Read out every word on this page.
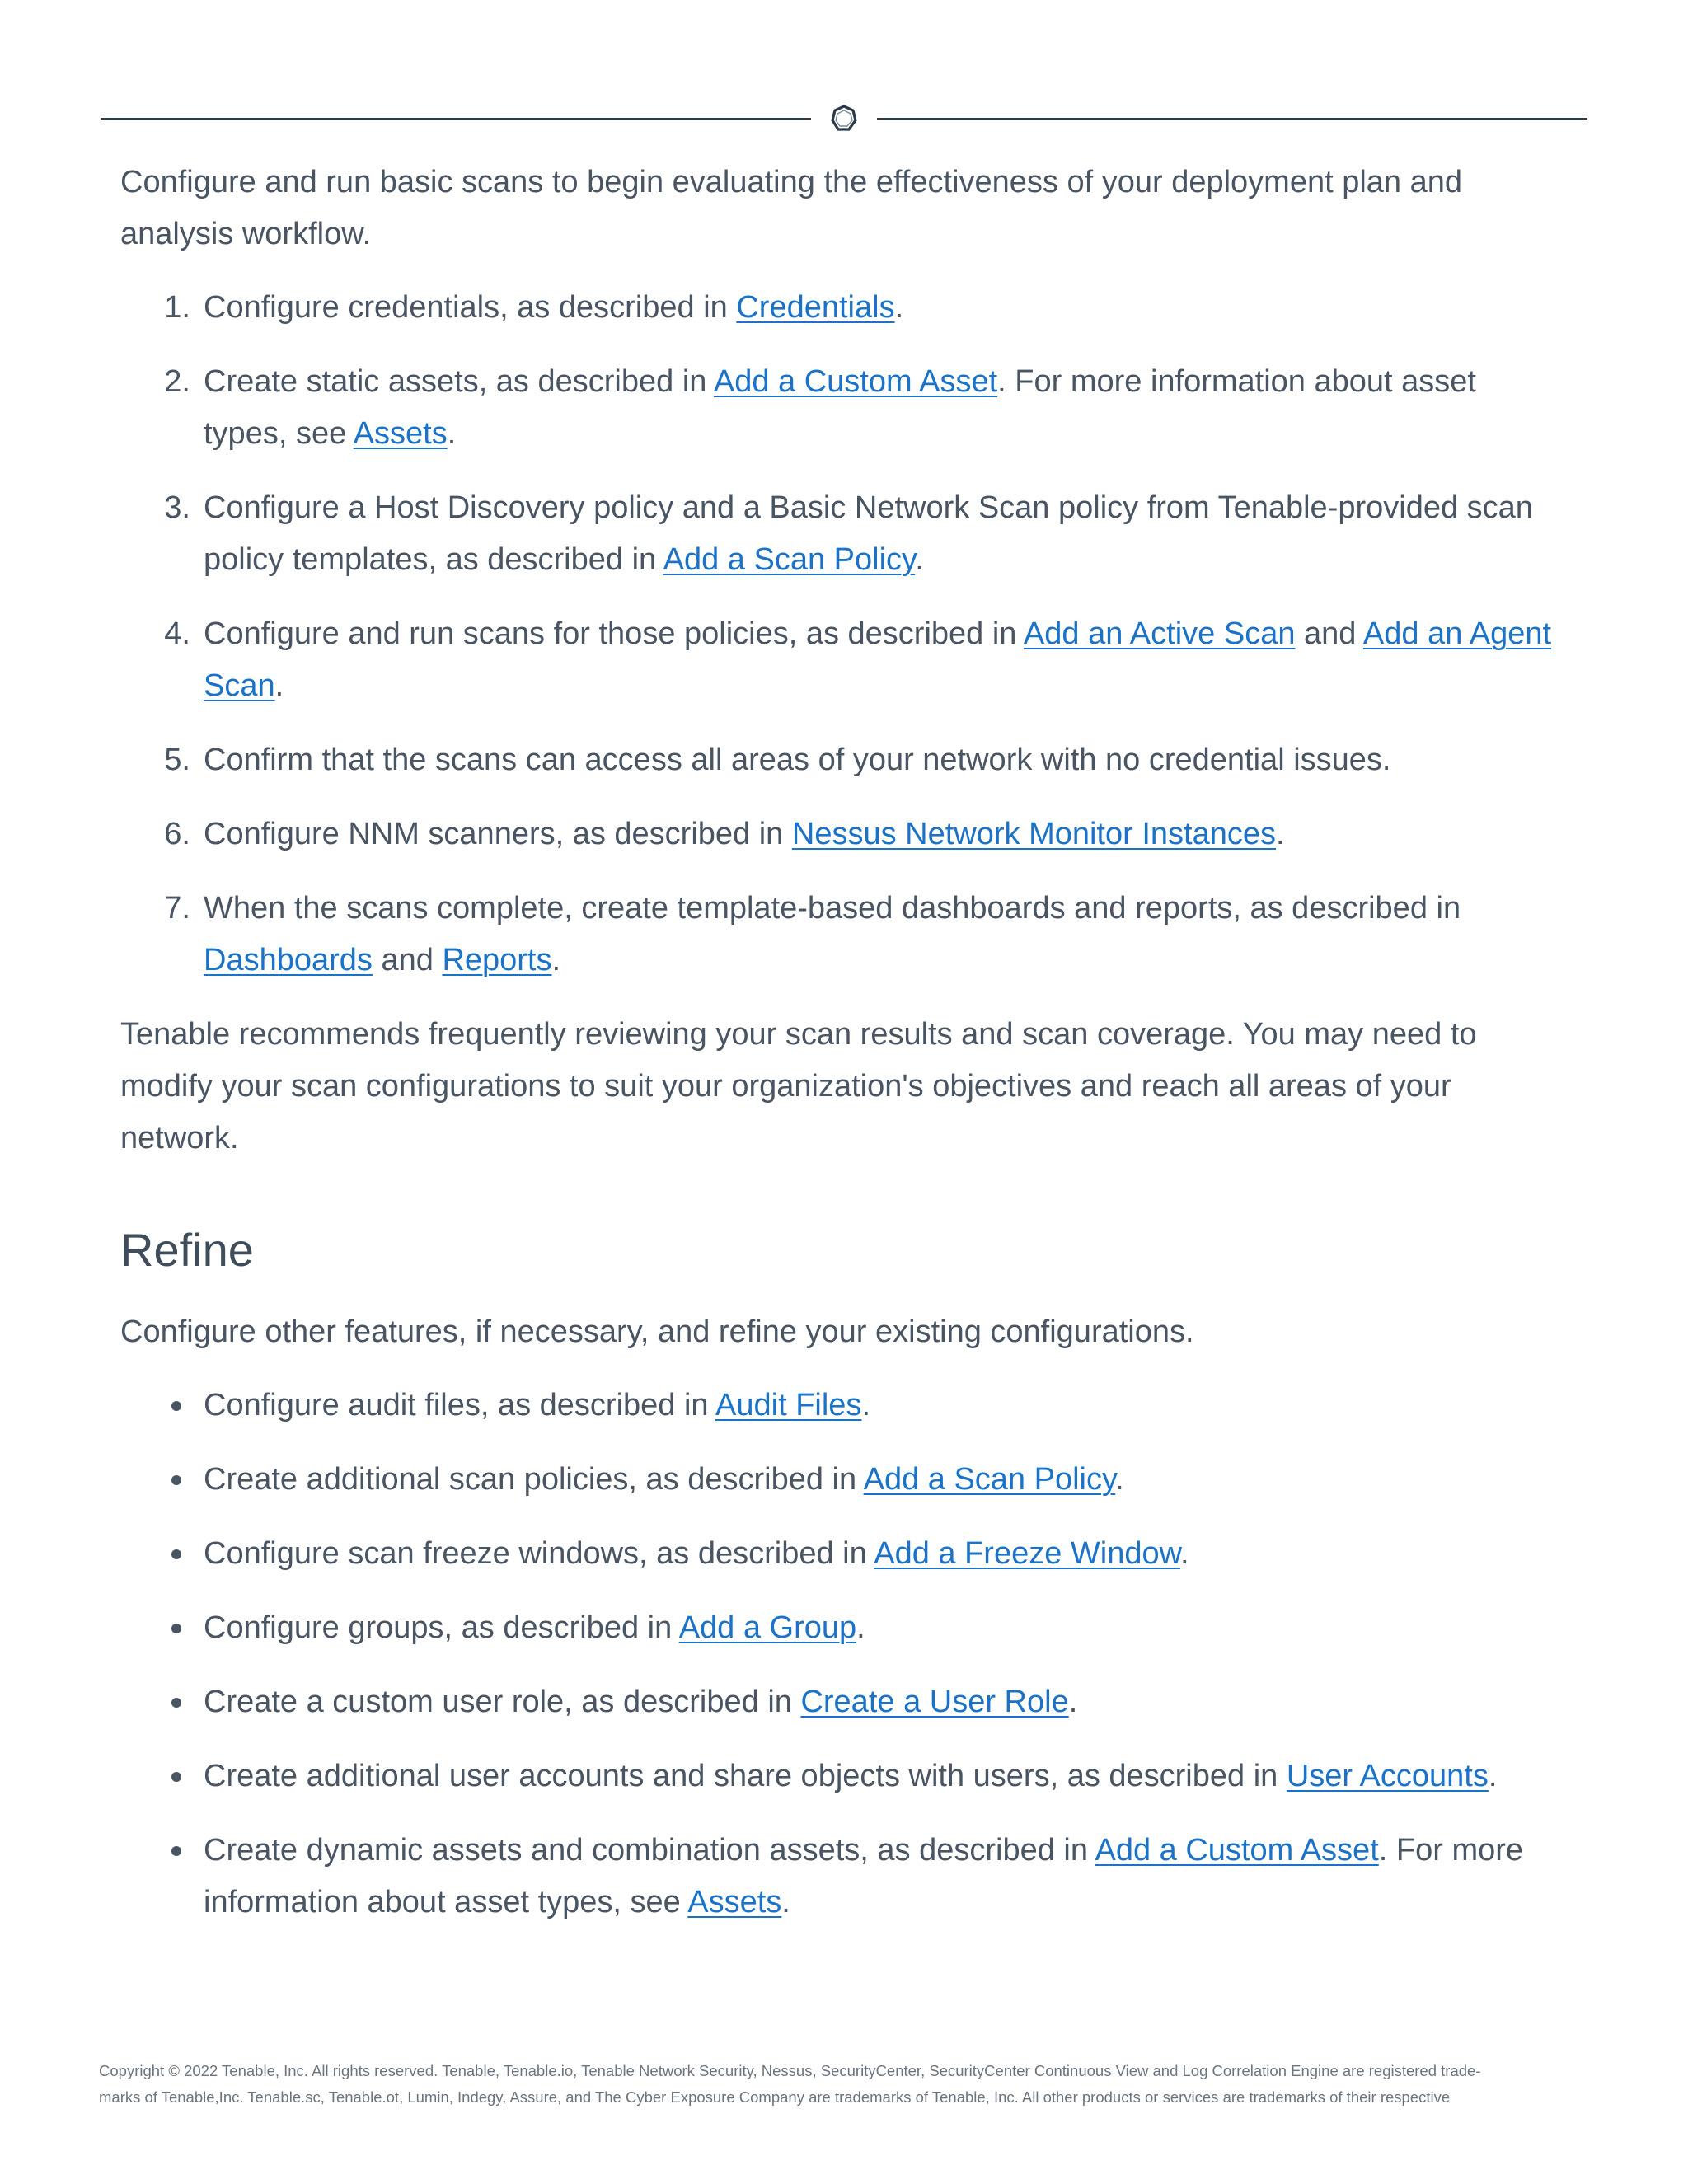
Configure and run basic scans to begin evaluating the effectiveness of your deployment plan and analysis workflow.

1. Configure credentials, as described in Credentials.
2. Create static assets, as described in Add a Custom Asset. For more information about asset types, see Assets.
3. Configure a Host Discovery policy and a Basic Network Scan policy from Tenable-provided scan policy templates, as described in Add a Scan Policy.
4. Configure and run scans for those policies, as described in Add an Active Scan and Add an Agent Scan.
5. Confirm that the scans can access all areas of your network with no credential issues.
6. Configure NNM scanners, as described in Nessus Network Monitor Instances.
7. When the scans complete, create template-based dashboards and reports, as described in Dashboards and Reports.

Tenable recommends frequently reviewing your scan results and scan coverage. You may need to modify your scan configurations to suit your organization's objectives and reach all areas of your network.

Refine

Configure other features, if necessary, and refine your existing configurations.

Configure audit files, as described in Audit Files.
Create additional scan policies, as described in Add a Scan Policy.
Configure scan freeze windows, as described in Add a Freeze Window.
Configure groups, as described in Add a Group.
Create a custom user role, as described in Create a User Role.
Create additional user accounts and share objects with users, as described in User Accounts.
Create dynamic assets and combination assets, as described in Add a Custom Asset. For more information about asset types, see Assets.
Copyright © 2022 Tenable, Inc. All rights reserved. Tenable, Tenable.io, Tenable Network Security, Nessus, SecurityCenter, SecurityCenter Continuous View and Log Correlation Engine are registered trade-
marks of Tenable,Inc. Tenable.sc, Tenable.ot, Lumin, Indegy, Assure, and The Cyber Exposure Company are trademarks of Tenable, Inc. All other products or services are trademarks of their respective
